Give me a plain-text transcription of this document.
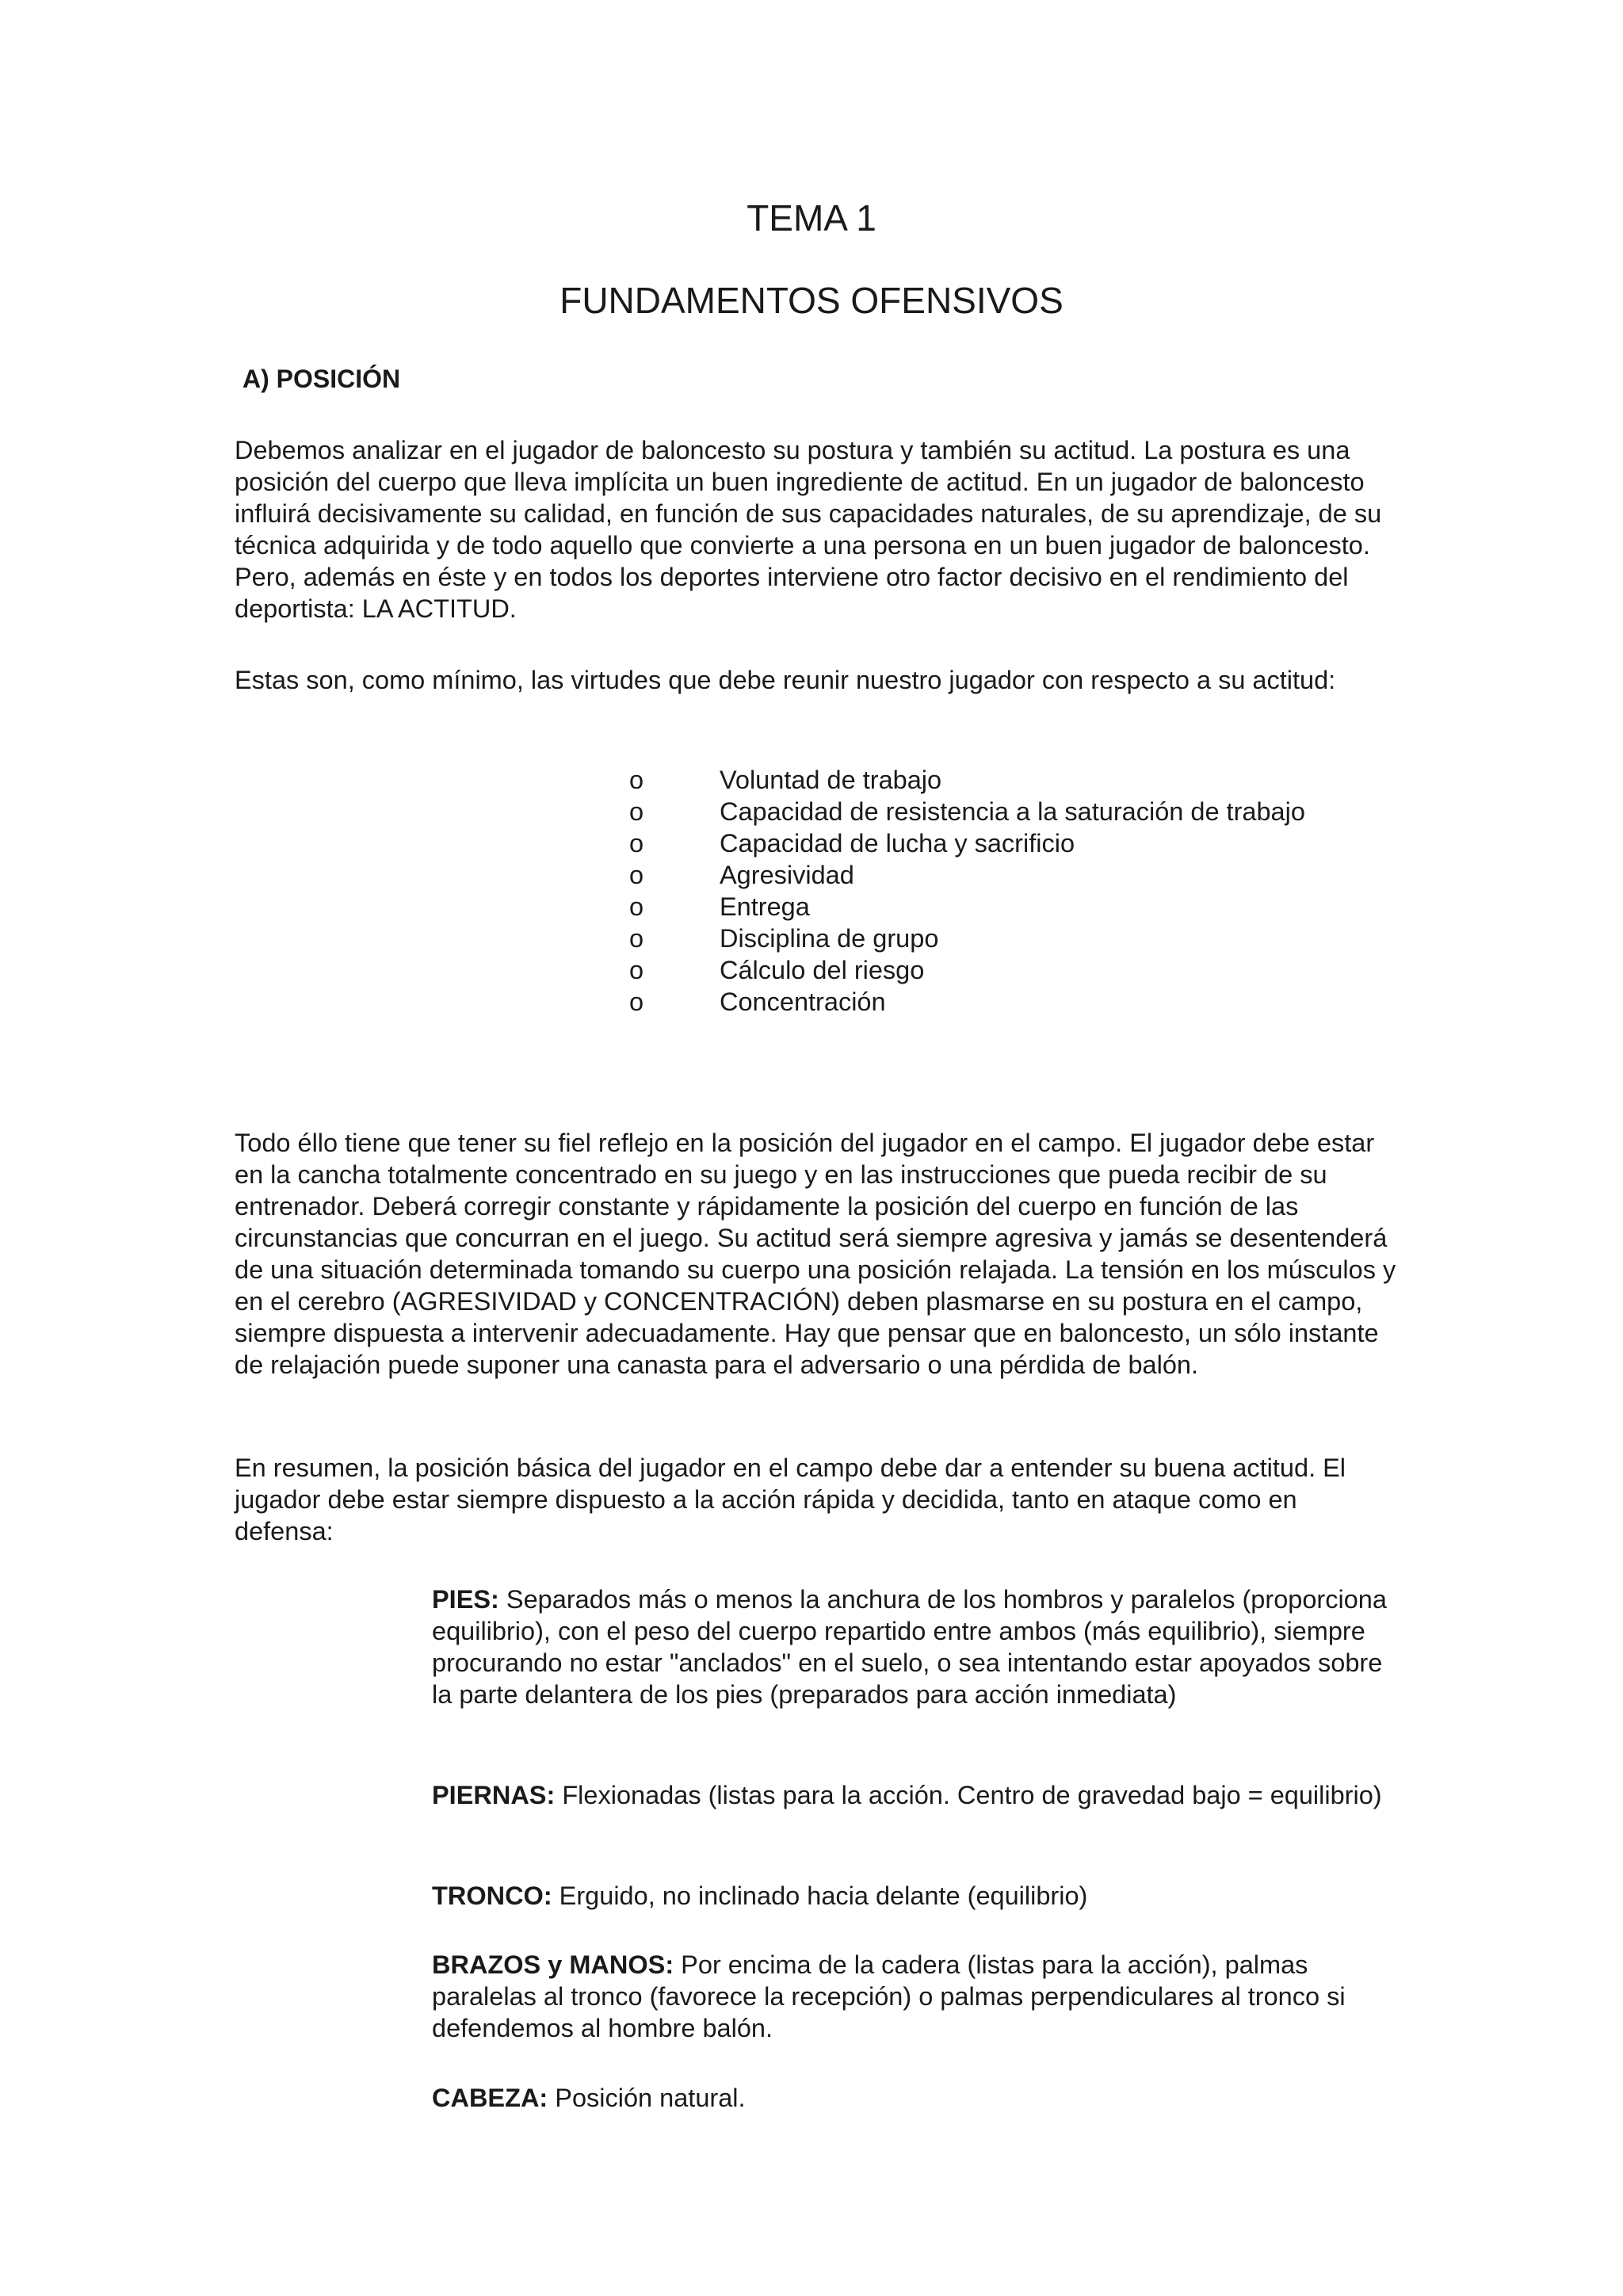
TEMA 1
FUNDAMENTOS OFENSIVOS
A) POSICIÓN

Debemos analizar en el jugador de baloncesto su postura y también su actitud. La postura es una posición del cuerpo que lleva implícita un buen ingrediente de actitud. En un jugador de baloncesto influirá decisivamente su calidad, en función de sus capacidades naturales, de su aprendizaje, de su técnica adquirida y de todo aquello que convierte a una persona en un buen jugador de baloncesto. Pero, además en éste y en todos los deportes interviene otro factor decisivo en el rendimiento del deportista: LA ACTITUD.

Estas son, como mínimo, las virtudes que debe reunir nuestro jugador con respecto a su actitud:

o	Voluntad de trabajo
o	Capacidad de resistencia a la saturación de trabajo
o	Capacidad de lucha y sacrificio
o	Agresividad
o	Entrega
o	Disciplina de grupo
o	Cálculo del riesgo
o	Concentración

Todo éllo tiene que tener su fiel reflejo en la posición del jugador en el campo. El jugador debe estar en la cancha totalmente concentrado en su juego y en las instrucciones que pueda recibir de su entrenador. Deberá corregir constante y rápidamente la posición del cuerpo en función de las circunstancias que concurran en el juego. Su actitud será siempre agresiva y jamás se desentenderá de una situación determinada tomando su cuerpo una posición relajada. La tensión en los músculos y en el cerebro (AGRESIVIDAD y CONCENTRACIÓN) deben plasmarse en su postura en el campo, siempre dispuesta a intervenir adecuadamente. Hay que pensar que en baloncesto, un sólo instante de relajación puede suponer una canasta para el adversario o una pérdida de balón.

En resumen, la posición básica del jugador en el campo debe dar a entender su buena actitud. El jugador debe estar siempre dispuesto a la acción rápida y decidida, tanto en ataque como en defensa:

PIES: Separados más o menos la anchura de los hombros y paralelos (proporciona equilibrio), con el peso del cuerpo repartido entre ambos (más equilibrio), siempre procurando no estar "anclados" en el suelo, o sea intentando estar apoyados sobre la parte delantera de los pies (preparados para acción inmediata)

PIERNAS: Flexionadas (listas para la acción. Centro de gravedad bajo = equilibrio)

TRONCO: Erguido, no inclinado hacia delante (equilibrio)

BRAZOS y MANOS: Por encima de la cadera (listas para la acción), palmas paralelas al tronco (favorece la recepción) o palmas perpendiculares al tronco si defendemos al hombre balón.

CABEZA: Posición natural.
